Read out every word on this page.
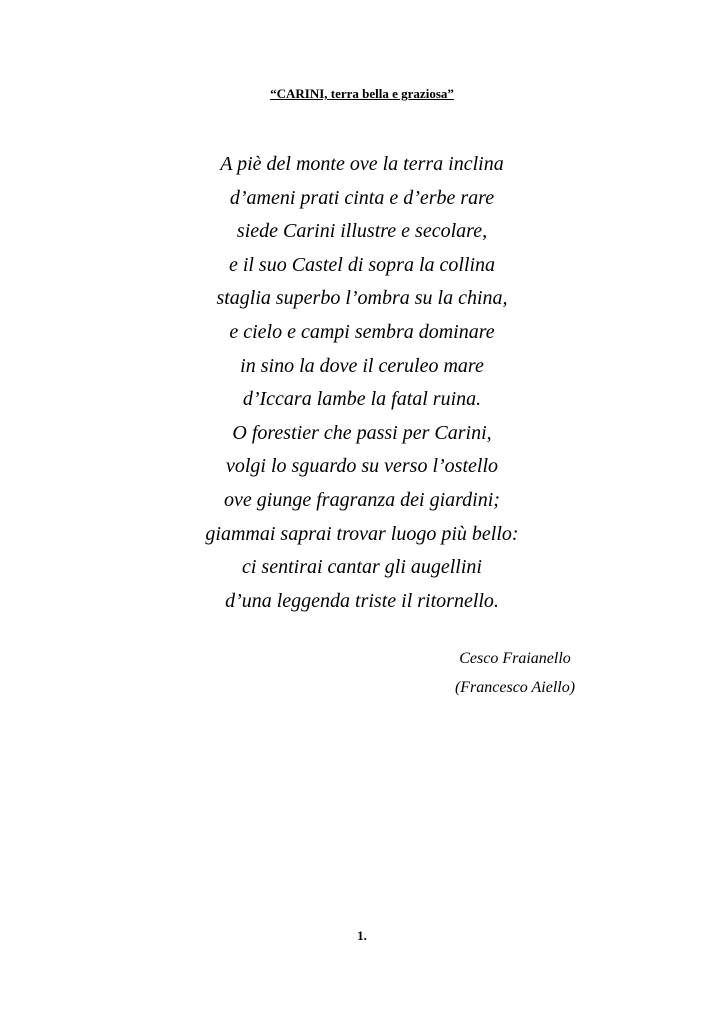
“CARINI, terra bella e graziosa”
A piè del monte ove la terra inclina
d’ameni prati cinta e d’erbe rare
siede Carini illustre e secolare,
e il suo Castel di sopra la collina
staglia superbo l’ombra su la china,
e cielo e campi sembra dominare
in sino la dove il ceruleo mare
d’Iccara lambe la fatal ruina.
O forestier che passi per Carini,
volgi lo sguardo su verso l’ostello
ove giunge fragranza dei giardini;
giammai saprai trovar luogo più bello:
ci sentirai cantar gli augellini
d’una leggenda triste il ritornello.
Cesco Fraianello
(Francesco Aiello)
1.
